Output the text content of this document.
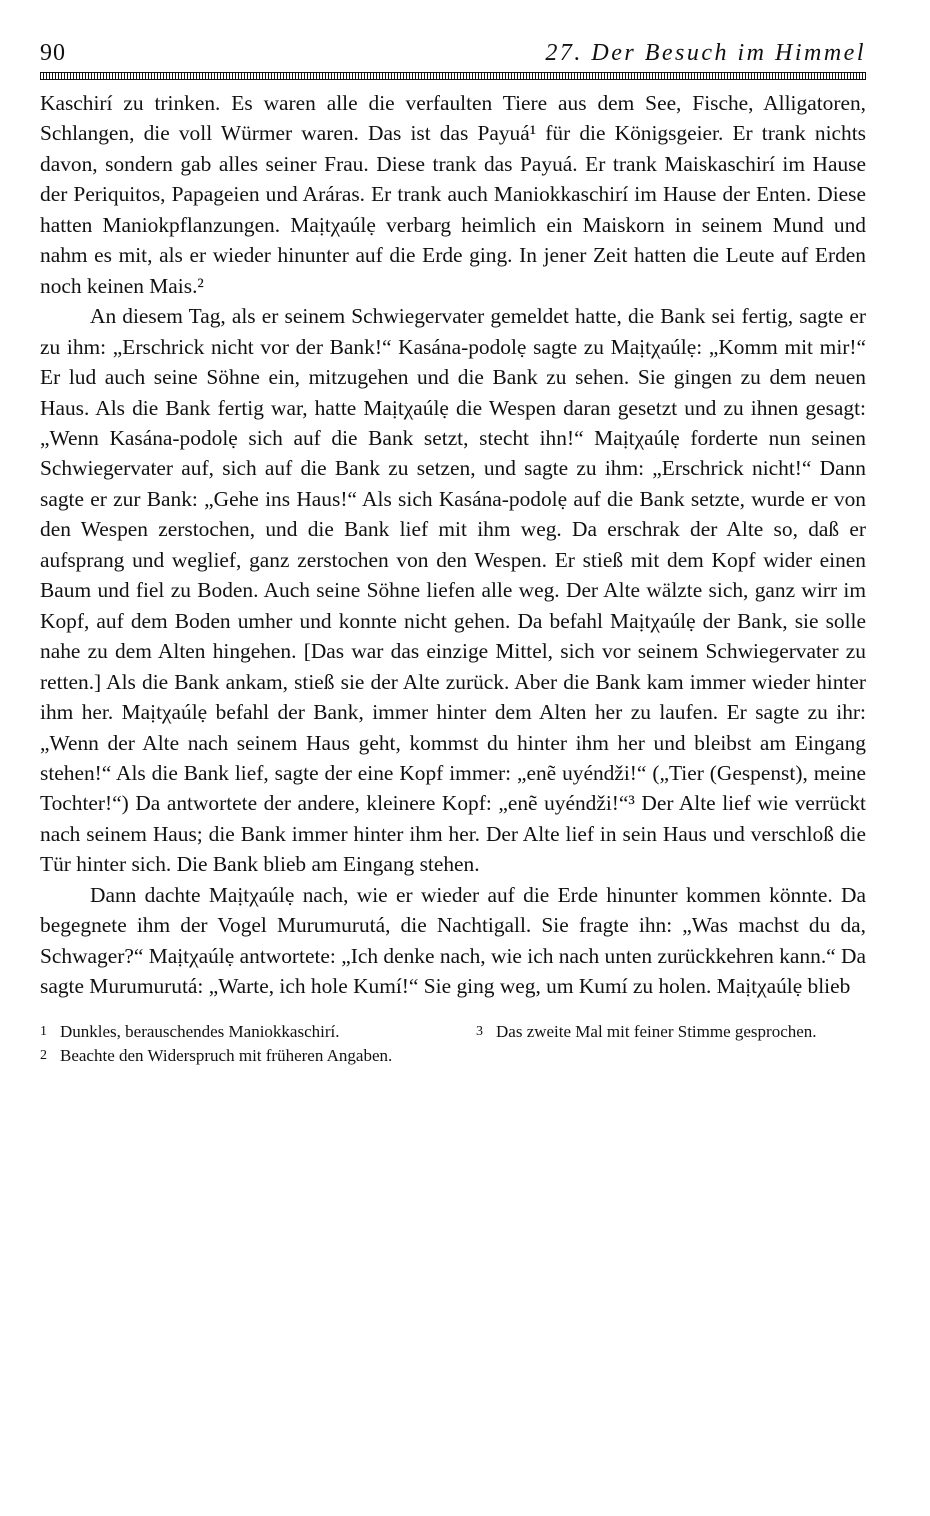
90	27. Der Besuch im Himmel

Kaschirí zu trinken. Es waren alle die verfaulten Tiere aus dem See, Fische, Alligatoren, Schlangen, die voll Würmer waren. Das ist das Payuá¹ für die Königsgeier. Er trank nichts davon, sondern gab alles seiner Frau. Diese trank das Payuá. Er trank Maiskaschirí im Hause der Periquitos, Papageien und Aráras. Er trank auch Maniokkaschirí im Hause der Enten. Diese hatten Maniokpflanzungen. Maịtχaúlẹ verbarg heimlich ein Maiskorn in seinem Mund und nahm es mit, als er wieder hinunter auf die Erde ging. In jener Zeit hatten die Leute auf Erden noch keinen Mais.²

An diesem Tag, als er seinem Schwiegervater gemeldet hatte, die Bank sei fertig, sagte er zu ihm: „Erschrick nicht vor der Bank!“ Kasána-podolẹ sagte zu Maịtχaúlẹ: „Komm mit mir!“ Er lud auch seine Söhne ein, mitzugehen und die Bank zu sehen. Sie gingen zu dem neuen Haus. Als die Bank fertig war, hatte Maịtχaúlẹ die Wespen daran gesetzt und zu ihnen gesagt: „Wenn Kasána-podolẹ sich auf die Bank setzt, stecht ihn!“ Maịtχaúlẹ forderte nun seinen Schwiegervater auf, sich auf die Bank zu setzen, und sagte zu ihm: „Erschrick nicht!“ Dann sagte er zur Bank: „Gehe ins Haus!“ Als sich Kasána-podolẹ auf die Bank setzte, wurde er von den Wespen zerstochen, und die Bank lief mit ihm weg. Da erschrak der Alte so, daß er aufsprang und weglief, ganz zerstochen von den Wespen. Er stieß mit dem Kopf wider einen Baum und fiel zu Boden. Auch seine Söhne liefen alle weg. Der Alte wälzte sich, ganz wirr im Kopf, auf dem Boden umher und konnte nicht gehen. Da befahl Maịtχaúlẹ der Bank, sie solle nahe zu dem Alten hingehen. [Das war das einzige Mittel, sich vor seinem Schwiegervater zu retten.] Als die Bank ankam, stieß sie der Alte zurück. Aber die Bank kam immer wieder hinter ihm her. Maịtχaúlẹ befahl der Bank, immer hinter dem Alten her zu laufen. Er sagte zu ihr: „Wenn der Alte nach seinem Haus geht, kommst du hinter ihm her und bleibst am Eingang stehen!“ Als die Bank lief, sagte der eine Kopf immer: „enẽ uyéndži!“ („Tier (Gespenst), meine Tochter!“) Da antwortete der andere, kleinere Kopf: „enẽ uyéndži!“³ Der Alte lief wie verrückt nach seinem Haus; die Bank immer hinter ihm her. Der Alte lief in sein Haus und verschloß die Tür hinter sich. Die Bank blieb am Eingang stehen.

Dann dachte Maịtχaúlẹ nach, wie er wieder auf die Erde hinunter kommen könnte. Da begegnete ihm der Vogel Murumurutá, die Nachtigall. Sie fragte ihn: „Was machst du da, Schwager?“ Maịtχaúlẹ antwortete: „Ich denke nach, wie ich nach unten zurückkehren kann.“ Da sagte Murumurutá: „Warte, ich hole Kumí!“ Sie ging weg, um Kumí zu holen. Maịtχaúlẹ blieb

1 Dunkles, berauschendes Maniokkaschirí.
2 Beachte den Widerspruch mit früheren Angaben.
3 Das zweite Mal mit feiner Stimme gesprochen.
